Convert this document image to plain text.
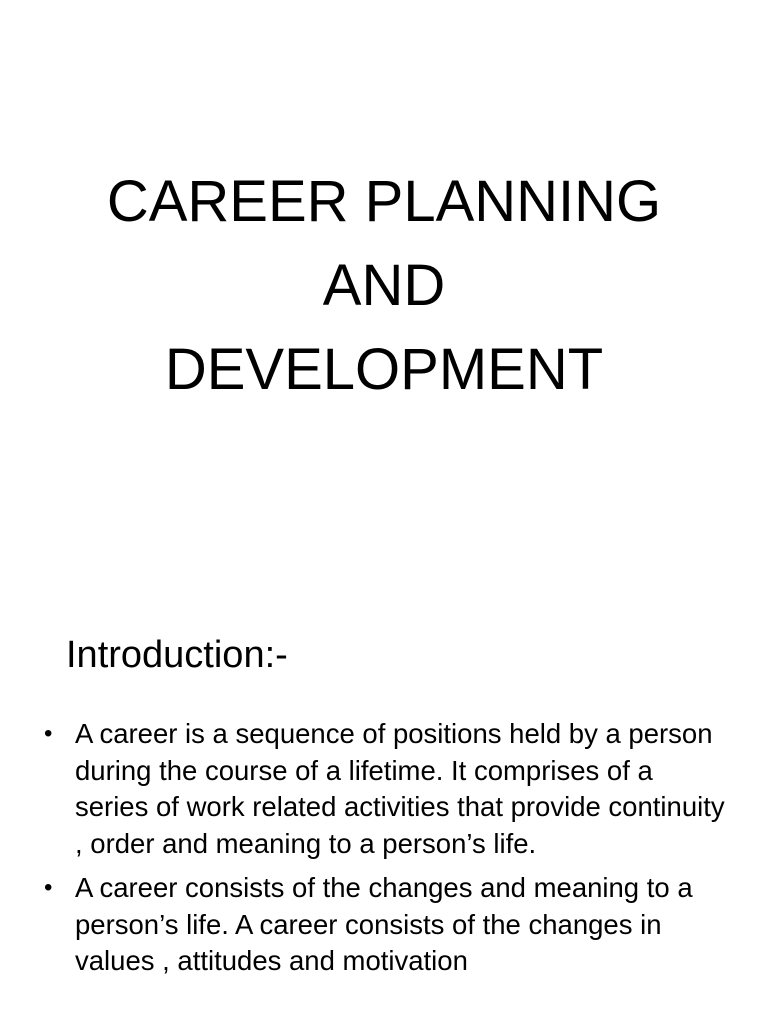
CAREER PLANNING
AND
DEVELOPMENT
Introduction:-
• A career is a sequence of positions held by a person during the course of a lifetime. It comprises of a series of work related activities that provide continuity , order and meaning to a person’s life.
• A career consists of the changes and meaning to a person’s life. A career consists of the changes in values , attitudes and motivation
